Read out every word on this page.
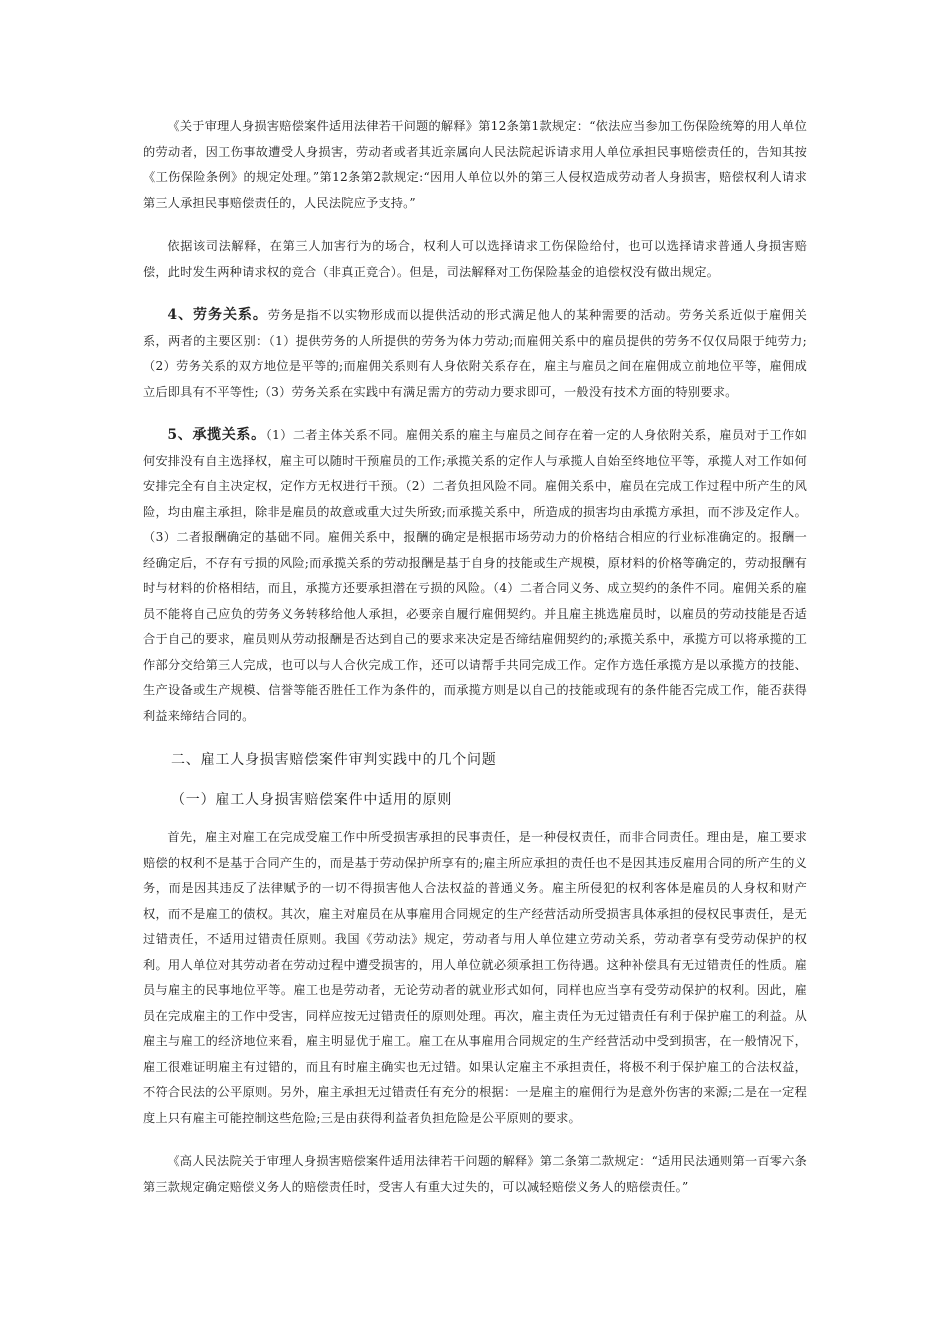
《关于审理人身损害赔偿案件适用法律若干问题的解释》第12条第1款规定：“依法应当参加工伤保险统筹的用人单位的劳动者，因工伤事故遭受人身损害，劳动者或者其近亲属向人民法院起诉请求用人单位承担民事赔偿责任的，告知其按《工伤保险条例》的规定处理。”第12条第2款规定:“因用人单位以外的第三人侵权造成劳动者人身损害，赔偿权利人请求第三人承担民事赔偿责任的，人民法院应予支持。”

依据该司法解释，在第三人加害行为的场合，权利人可以选择请求工伤保险给付，也可以选择请求普通人身损害赔偿，此时发生两种请求权的竞合（非真正竞合）。但是，司法解释对工伤保险基金的追偿权没有做出规定。

4、劳务关系。劳务是指不以实物形成而以提供活动的形式满足他人的某种需要的活动。劳务关系近似于雇佣关系，两者的主要区别：（1）提供劳务的人所提供的劳务为体力劳动;而雇佣关系中的雇员提供的劳务不仅仅局限于纯劳力;（2）劳务关系的双方地位是平等的;而雇佣关系则有人身依附关系存在，雇主与雇员之间在雇佣成立前地位平等，雇佣成立后即具有不平等性;（3）劳务关系在实践中有满足需方的劳动力要求即可，一般没有技术方面的特别要求。

5、承揽关系。（1）二者主体关系不同。雇佣关系的雇主与雇员之间存在着一定的人身依附关系，雇员对于工作如何安排没有自主选择权，雇主可以随时干预雇员的工作;承揽关系的定作人与承揽人自始至终地位平等，承揽人对工作如何安排完全有自主决定权，定作方无权进行干预。（2）二者负担风险不同。雇佣关系中，雇员在完成工作过程中所产生的风险，均由雇主承担，除非是雇员的故意或重大过失所致;而承揽关系中，所造成的损害均由承揽方承担，而不涉及定作人。（3）二者报酬确定的基础不同。雇佣关系中，报酬的确定是根据市场劳动力的价格结合相应的行业标准确定的。报酬一经确定后，不存有亏损的风险;而承揽关系的劳动报酬是基于自身的技能或生产规模，原材料的价格等确定的，劳动报酬有时与材料的价格相结，而且，承揽方还要承担潜在亏损的风险。（4）二者合同义务、成立契约的条件不同。雇佣关系的雇员不能将自己应负的劳务义务转移给他人承担，必要亲自履行雇佣契约。并且雇主挑选雇员时，以雇员的劳动技能是否适合于自己的要求，雇员则从劳动报酬是否达到自己的要求来决定是否缔结雇佣契约的;承揽关系中，承揽方可以将承揽的工作部分交给第三人完成，也可以与人合伙完成工作，还可以请帮手共同完成工作。定作方选任承揽方是以承揽方的技能、生产设备或生产规模、信誉等能否胜任工作为条件的，而承揽方则是以自己的技能或现有的条件能否完成工作，能否获得利益来缔结合同的。

二、雇工人身损害赔偿案件审判实践中的几个问题

（一）雇工人身损害赔偿案件中适用的原则

首先，雇主对雇工在完成受雇工作中所受损害承担的民事责任，是一种侵权责任，而非合同责任。理由是，雇工要求赔偿的权利不是基于合同产生的，而是基于劳动保护所享有的;雇主所应承担的责任也不是因其违反雇用合同的所产生的义务，而是因其违反了法律赋予的一切不得损害他人合法权益的普通义务。雇主所侵犯的权利客体是雇员的人身权和财产权，而不是雇工的债权。其次，雇主对雇员在从事雇用合同规定的生产经营活动所受损害具体承担的侵权民事责任，是无过错责任，不适用过错责任原则。我国《劳动法》规定，劳动者与用人单位建立劳动关系，劳动者享有受劳动保护的权利。用人单位对其劳动者在劳动过程中遭受损害的，用人单位就必须承担工伤待遇。这种补偿具有无过错责任的性质。雇员与雇主的民事地位平等。雇工也是劳动者，无论劳动者的就业形式如何，同样也应当享有受劳动保护的权利。因此，雇员在完成雇主的工作中受害，同样应按无过错责任的原则处理。再次，雇主责任为无过错责任有利于保护雇工的利益。从雇主与雇工的经济地位来看，雇主明显优于雇工。雇工在从事雇用合同规定的生产经营活动中受到损害，在一般情况下，雇工很难证明雇主有过错的，而且有时雇主确实也无过错。如果认定雇主不承担责任，将极不利于保护雇工的合法权益，不符合民法的公平原则。另外，雇主承担无过错责任有充分的根据：一是雇主的雇佣行为是意外伤害的来源;二是在一定程度上只有雇主可能控制这些危险;三是由获得利益者负担危险是公平原则的要求。

《高人民法院关于审理人身损害赔偿案件适用法律若干问题的解释》第二条第二款规定：“适用民法通则第一百零六条第三款规定确定赔偿义务人的赔偿责任时，受害人有重大过失的，可以减轻赔偿义务人的赔偿责任。”
